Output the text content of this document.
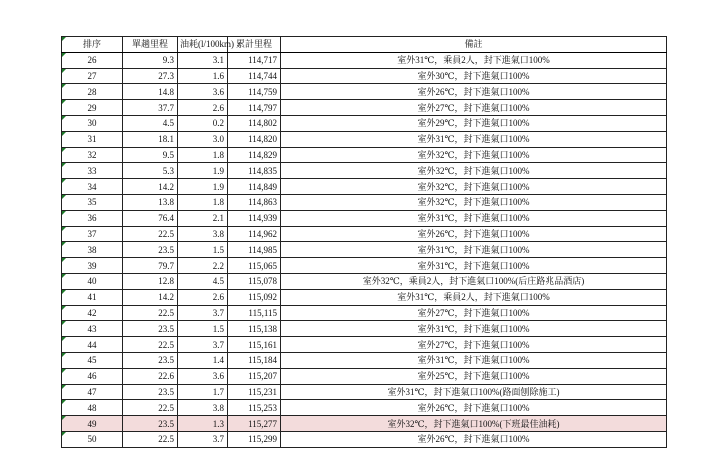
排序	單趟里程	油耗(l/100km)	累計里程	備註

26	9.3	3.1	114,717	室外31℃，乘員2人，封下進氣口100%

27	27.3	1.6	114,744	室外30℃，封下進氣口100%

28	14.8	3.6	114,759	室外26℃，封下進氣口100%

29	37.7	2.6	114,797	室外27℃，封下進氣口100%

30	4.5	0.2	114,802	室外29℃，封下進氣口100%

31	18.1	3.0	114,820	室外31℃，封下進氣口100%

32	9.5	1.8	114,829	室外32℃，封下進氣口100%

33	5.3	1.9	114,835	室外32℃，封下進氣口100%

34	14.2	1.9	114,849	室外32℃，封下進氣口100%

35	13.8	1.8	114,863	室外32℃，封下進氣口100%

36	76.4	2.1	114,939	室外31℃，封下進氣口100%

37	22.5	3.8	114,962	室外26℃，封下進氣口100%

38	23.5	1.5	114,985	室外31℃，封下進氣口100%

39	79.7	2.2	115,065	室外31℃，封下進氣口100%

40	12.8	4.5	115,078	室外32℃，乘員2人，封下進氣口100%(后庄路兆品酒店)

41	14.2	2.6	115,092	室外31℃，乘員2人，封下進氣口100%

42	22.5	3.7	115,115	室外27℃，封下進氣口100%

43	23.5	1.5	115,138	室外31℃，封下進氣口100%

44	22.5	3.7	115,161	室外27℃，封下進氣口100%

45	23.5	1.4	115,184	室外31℃，封下進氣口100%

46	22.6	3.6	115,207	室外25℃，封下進氣口100%

47	23.5	1.7	115,231	室外31℃，封下進氣口100%(路面刨除施工)

48	22.5	3.8	115,253	室外26℃，封下進氣口100%

49	23.5	1.3	115,277	室外32℃，封下進氣口100%(下班最佳油耗)

50	22.5	3.7	115,299	室外26℃，封下進氣口100%
